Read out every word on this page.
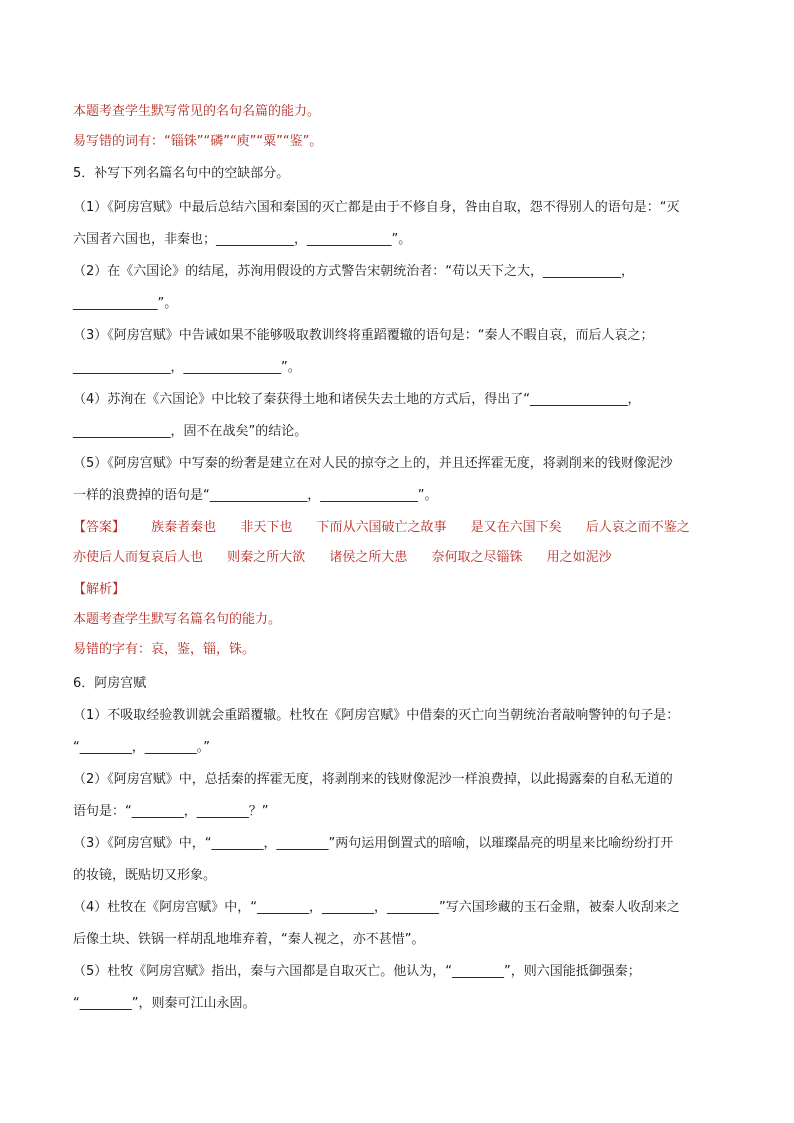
本题考查学生默写常见的名句名篇的能力。
易写错的词有：“锱铢”“磷”“庾”“粟”“鉴”。
5．补写下列名篇名句中的空缺部分。
（1）《阿房宫赋》中最后总结六国和秦国的灭亡都是由于不修自身，咎由自取，怨不得别人的语句是：“灭
六国者六国也，非秦也；____________，_____________”。
（2）在《六国论》的结尾，苏洵用假设的方式警告宋朝统治者：“苟以天下之大，____________，
_____________”。
（3）《阿房宫赋》中告诫如果不能够吸取教训终将重蹈覆辙的语句是：“秦人不暇自哀，而后人哀之；
_______________，_______________”。
（4）苏洵在《六国论》中比较了秦获得土地和诸侯失去土地的方式后，得出了“_______________，
_______________，固不在战矣”的结论。
（5）《阿房宫赋》中写秦的纷奢是建立在对人民的掠夺之上的，并且还挥霍无度，将剥削来的钱财像泥沙
一样的浪费掉的语句是“_______________，_______________”。
【答案】 族秦者秦也 非天下也 下而从六国破亡之故事 是又在六国下矣 后人哀之而不鉴之
亦使后人而复哀后人也 则秦之所大欲 诸侯之所大患 奈何取之尽锱铢 用之如泥沙
【解析】
本题考查学生默写名篇名句的能力。
易错的字有：哀，鉴，锱，铢。
6．阿房宫赋
（1）不吸取经验教训就会重蹈覆辙。杜牧在《阿房宫赋》中借秦的灭亡向当朝统治者敲响警钟的句子是：
“________，________。”
（2）《阿房宫赋》中，总括秦的挥霍无度，将剥削来的钱财像泥沙一样浪费掉，以此揭露秦的自私无道的
语句是：“________，________？”
（3）《阿房宫赋》中，“________，________”两句运用倒置式的暗喻，以璀璨晶亮的明星来比喻纷纷打开
的妆镜，既贴切又形象。
（4）杜牧在《阿房宫赋》中，“________，________，________”写六国珍藏的玉石金鼎，被秦人收刮来之
后像土块、铁锅一样胡乱地堆弃着，“秦人视之，亦不甚惜”。
（5）杜牧《阿房宫赋》指出，秦与六国都是自取灭亡。他认为，“________”，则六国能抵御强秦；
“________”，则秦可江山永固。
